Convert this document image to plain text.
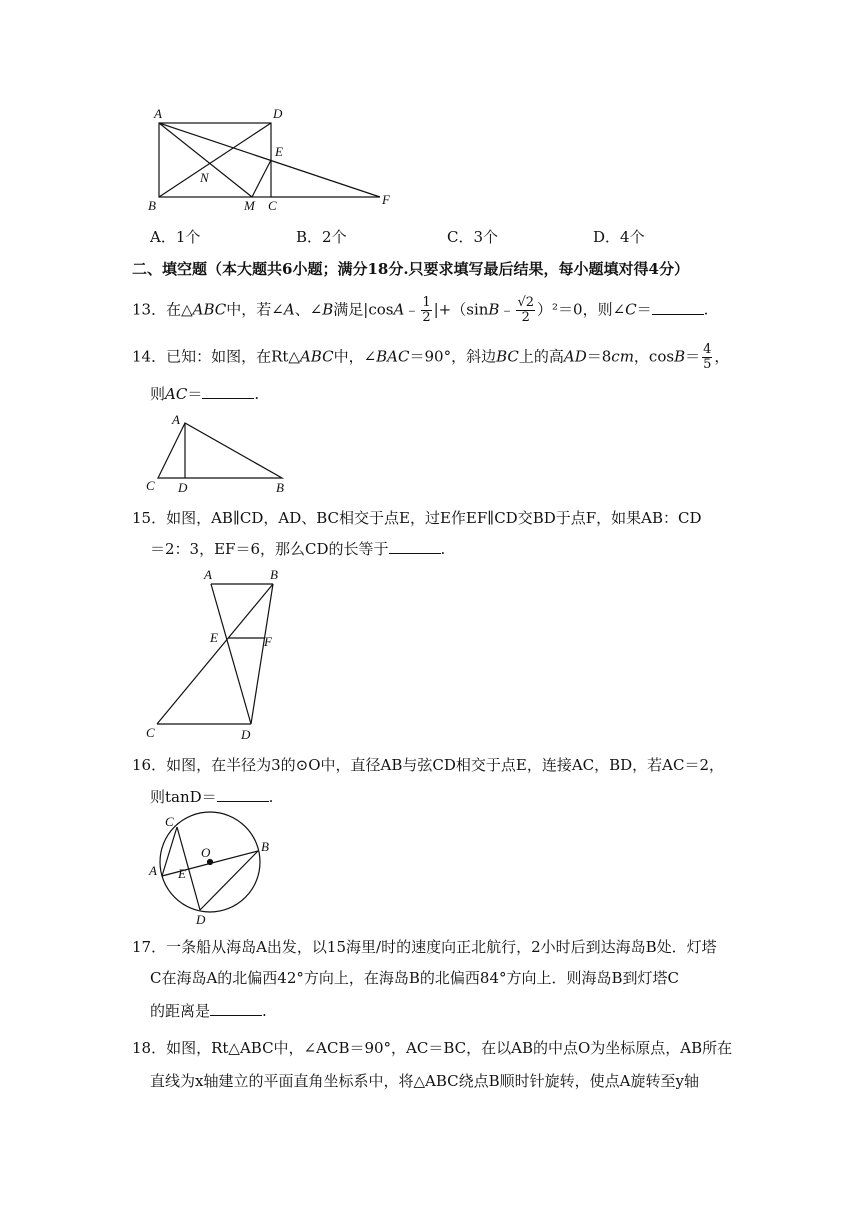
A	D
E
B	M C	F
N
A．1个	B．2个	C．3个	D．4个
二、填空题（本大题共6小题；满分18分.只要求填写最后结果，每小题填对得4分）
13．在△ABC中，若∠A、∠B满足|cosA﹣ $\frac{1}{2}$ |+（sinB﹣ $\frac{√2}{2} )^2=0$，则∠C＝	.
14．已知：如图，在Rt△ABC中，∠BAC＝90°，斜边BC上的高AD＝8cm，$\cos B= \frac{4}{5}$ ，
则AC＝	.
A
C D	B
15．如图，AB∥CD，AD、BC相交于点E，过E作EF∥CD交BD于点F，如果AB：CD
＝2：3，EF＝6，那么CD的长等于	.
A	B
E	F
C	D
16．如图，在半径为3的⊙O中，直径AB与弦CD相交于点E，连接AC，BD，若AC＝2，
则tanD＝	.
C
O	B
A E
D
17．一条船从海岛A出发，以15海里/时的速度向正北航行，2小时后到达海岛B处．灯塔
C在海岛A的北偏西42°方向上，在海岛B的北偏西84°方向上．则海岛B到灯塔C
的距离是	.
18．如图，Rt△ABC中，∠ACB＝90°，AC＝BC，在以AB的中点O为坐标原点，AB所在
直线为x轴建立的平面直角坐标系中，将△ABC绕点B顺时针旋转，使点A旋转至y轴
